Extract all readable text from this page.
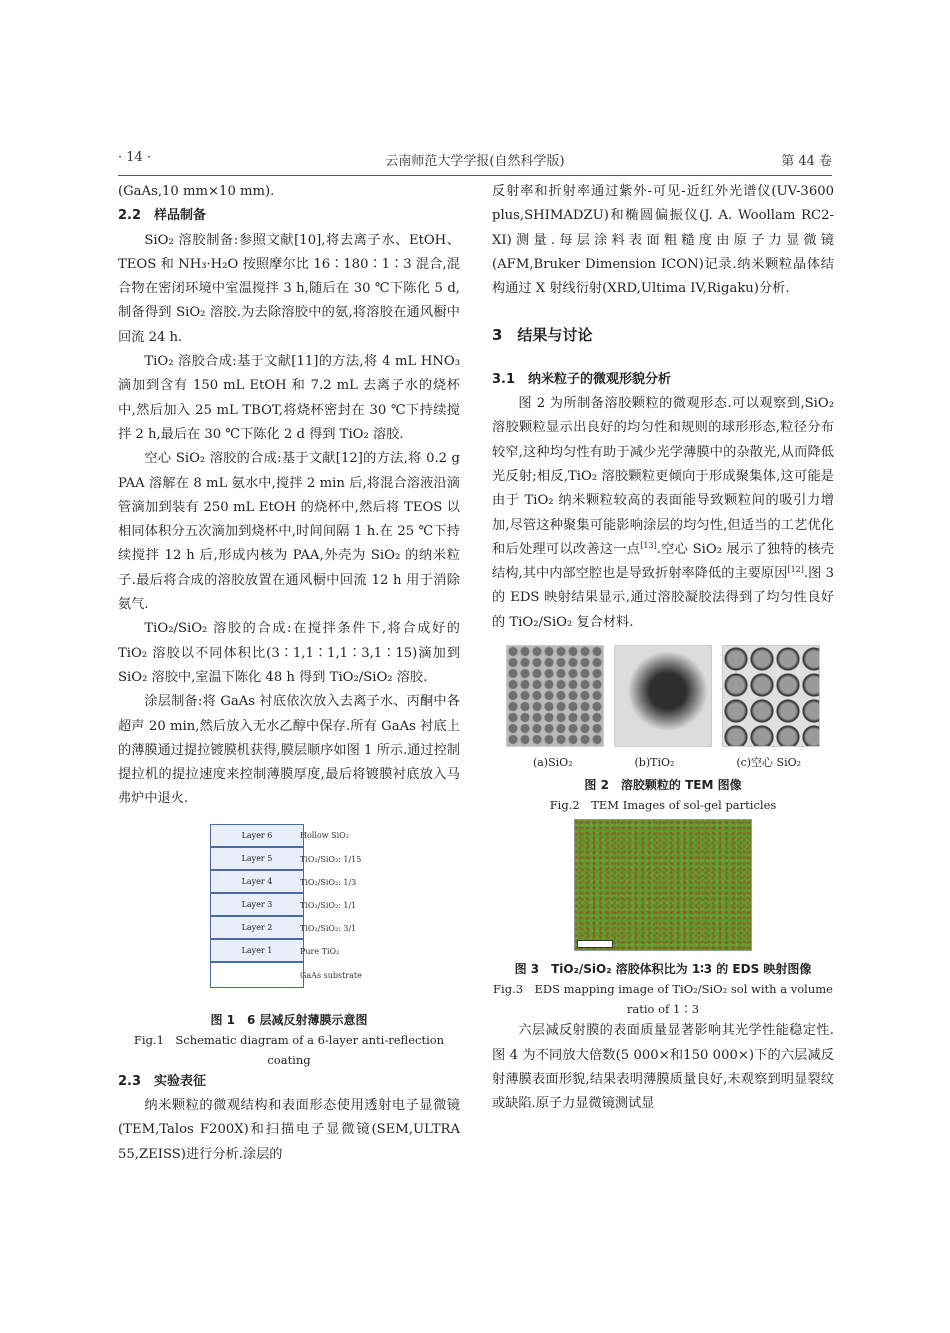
· 14 ·	云南师范大学学报(自然科学版)	第 44 卷

(GaAs,10 mm×10 mm).

2.2　样品制备

SiO₂ 溶胶制备:参照文献[10],将去离子水、EtOH、TEOS 和 NH₃·H₂O 按照摩尔比 16∶180∶1∶3 混合,混合物在密闭环境中室温搅拌 3 h,随后在 30 ℃下陈化 5 d,制备得到 SiO₂ 溶胶.为去除溶胶中的氨,将溶胶在通风橱中回流 24 h.

TiO₂ 溶胶合成:基于文献[11]的方法,将 4 mL HNO₃ 滴加到含有 150 mL EtOH 和 7.2 mL 去离子水的烧杯中,然后加入 25 mL TBOT,将烧杯密封在 30 ℃下持续搅拌 2 h,最后在 30 ℃下陈化 2 d 得到 TiO₂ 溶胶.

空心 SiO₂ 溶胶的合成:基于文献[12]的方法,将 0.2 g PAA 溶解在 8 mL 氨水中,搅拌 2 min 后,将混合溶液沿滴管滴加到装有 250 mL EtOH 的烧杯中,然后将 TEOS 以相同体积分五次滴加到烧杯中,时间间隔 1 h.在 25 ℃下持续搅拌 12 h 后,形成内核为 PAA,外壳为 SiO₂ 的纳米粒子.最后将合成的溶胶放置在通风橱中回流 12 h 用于消除氨气.

TiO₂/SiO₂ 溶胶的合成:在搅拌条件下,将合成好的 TiO₂ 溶胶以不同体积比(3∶1,1∶1,1∶3,1∶15)滴加到 SiO₂ 溶胶中,室温下陈化 48 h 得到 TiO₂/SiO₂ 溶胶.

涂层制备:将 GaAs 衬底依次放入去离子水、丙酮中各超声 20 min,然后放入无水乙醇中保存.所有 GaAs 衬底上的薄膜通过提拉镀膜机获得,膜层顺序如图 1 所示.通过控制提拉机的提拉速度来控制薄膜厚度,最后将镀膜衬底放入马弗炉中退火.

Layer 6
Layer 5
Layer 4
Layer 3
Layer 2
Layer 1
Hollow SiO₂
TiO₂/SiO₂: 1/15
TiO₂/SiO₂: 1/3
TiO₂/SiO₂: 1/1
TiO₂/SiO₂: 3/1
Pure TiO₂
GaAs substrate
图 1　6 层减反射薄膜示意图
Fig.1　Schematic diagram of a 6-layer anti-reflection coating
2.3　实验表征

纳米颗粒的微观结构和表面形态使用透射电子显微镜(TEM,Talos F200X)和扫描电子显微镜(SEM,ULTRA 55,ZEISS)进行分析.涂层的

反射率和折射率通过紫外-可见-近红外光谱仪(UV-3600 plus,SHIMADZU)和椭圆偏振仪(J. A. Woollam RC2-XI)测量.每层涂料表面粗糙度由原子力显微镜(AFM,Bruker Dimension ICON)记录.纳米颗粒晶体结构通过 X 射线衍射(XRD,Ultima IV,Rigaku)分析.

3　结果与讨论
3.1　纳米粒子的微观形貌分析

图 2 为所制备溶胶颗粒的微观形态.可以观察到,SiO₂ 溶胶颗粒显示出良好的均匀性和规则的球形形态,粒径分布较窄,这种均匀性有助于减少光学薄膜中的杂散光,从而降低光反射;相反,TiO₂ 溶胶颗粒更倾向于形成聚集体,这可能是由于 TiO₂ 纳米颗粒较高的表面能导致颗粒间的吸引力增加,尽管这种聚集可能影响涂层的均匀性,但适当的工艺优化和后处理可以改善这一点[13].空心 SiO₂ 展示了独特的核壳结构,其中内部空腔也是导致折射率降低的主要原因[12].图 3 的 EDS 映射结果显示,通过溶胶凝胶法得到了均匀性良好的 TiO₂/SiO₂ 复合材料.

(a)SiO₂	(b)TiO₂	(c)空心 SiO₂
图 2　溶胶颗粒的 TEM 图像
Fig.2　TEM Images of sol-gel particles
图 3　TiO₂/SiO₂ 溶胶体积比为 1∶3 的 EDS 映射图像
Fig.3　EDS mapping image of TiO₂/SiO₂ sol with a volume ratio of 1∶3

六层减反射膜的表面质量显著影响其光学性能稳定性.图 4 为不同放大倍数(5 000×和150 000×)下的六层减反射薄膜表面形貌,结果表明薄膜质量良好,未观察到明显裂纹或缺陷.原子力显微镜测试显
